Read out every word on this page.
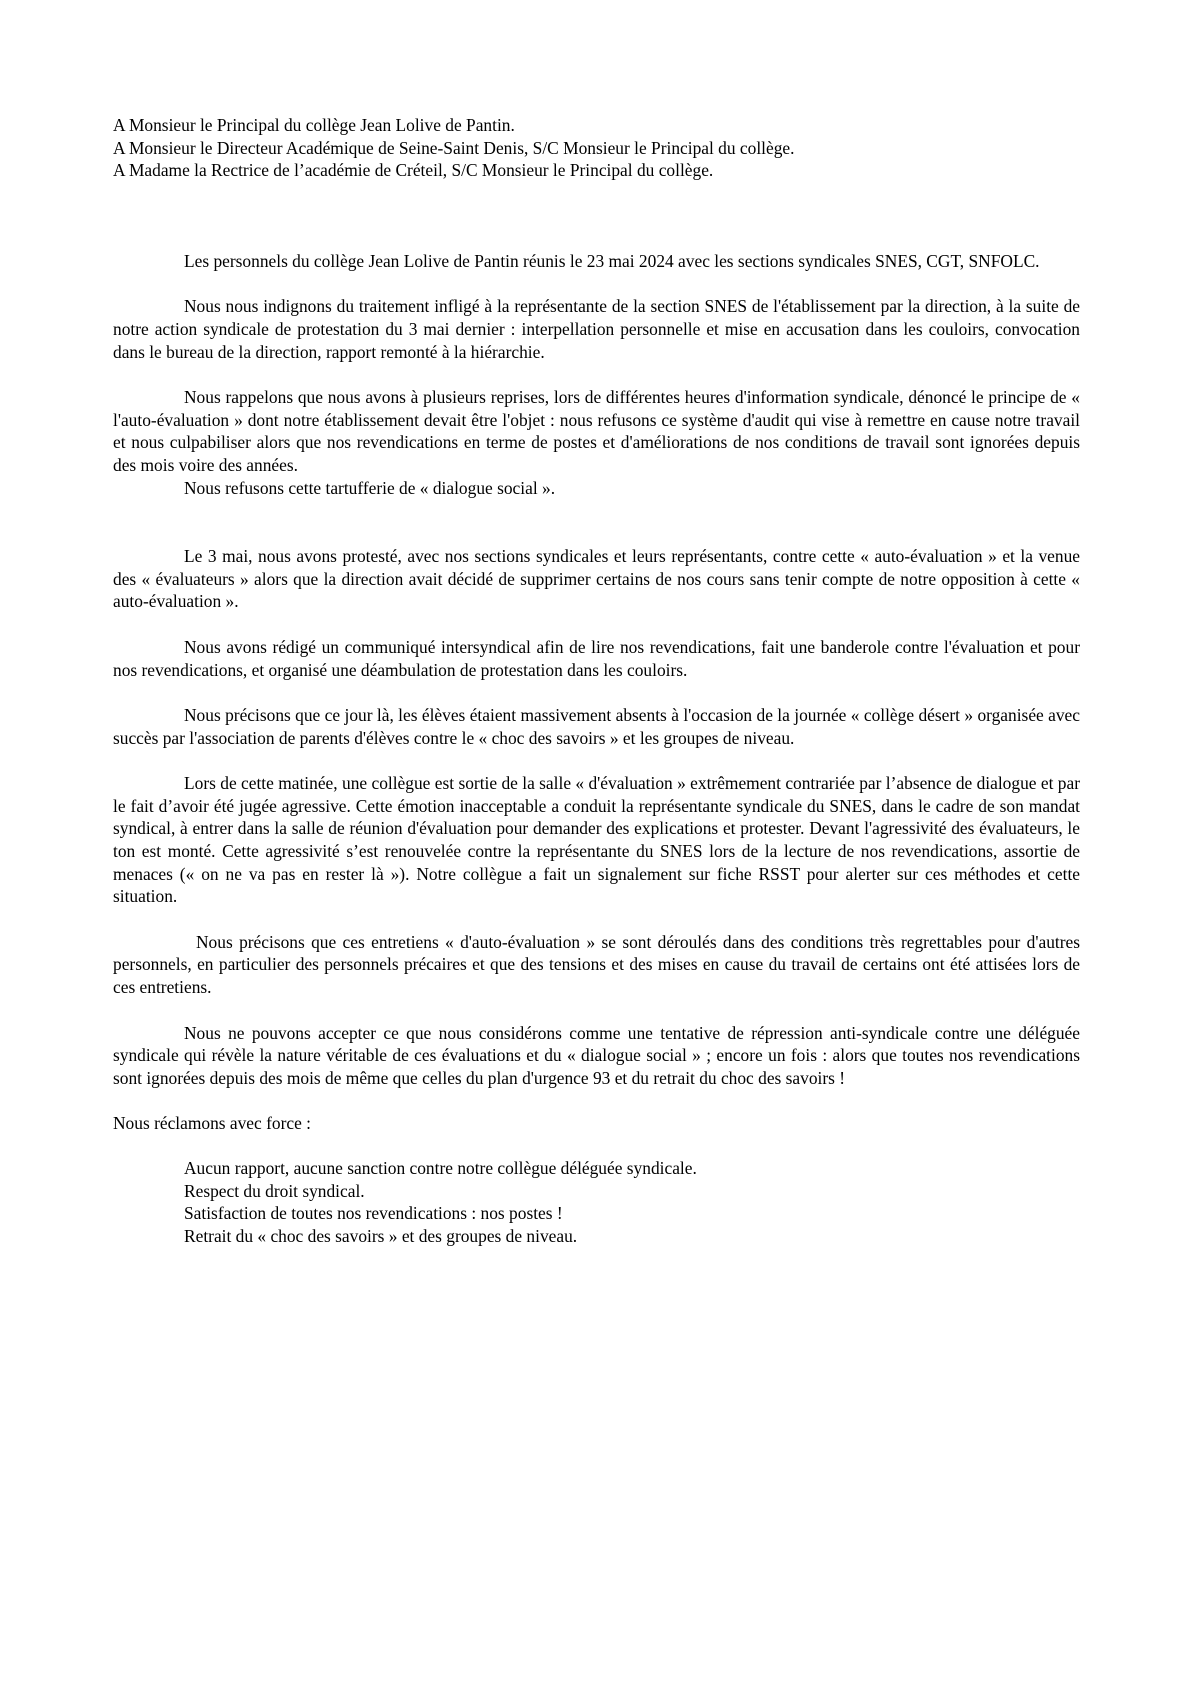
A Monsieur le Principal du collège Jean Lolive de Pantin.
A Monsieur le Directeur Académique de Seine-Saint Denis, S/C Monsieur le Principal du collège.
A Madame la Rectrice de l’académie de Créteil, S/C Monsieur le Principal du collège.

Les personnels du collège Jean Lolive de Pantin réunis le 23 mai 2024 avec les sections syndicales SNES, CGT, SNFOLC.

Nous nous indignons du traitement infligé à la représentante de la section SNES de l'établissement par la direction, à la suite de notre action syndicale de protestation du 3 mai dernier : interpellation personnelle et mise en accusation dans les couloirs, convocation dans le bureau de la direction, rapport remonté à la hiérarchie.

Nous rappelons que nous avons à plusieurs reprises, lors de différentes heures d'information syndicale, dénoncé le principe de « l'auto-évaluation » dont notre établissement devait être l'objet : nous refusons ce système d'audit qui vise à remettre en cause notre travail et nous culpabiliser alors que nos revendications en terme de postes et d'améliorations de nos conditions de travail sont ignorées depuis des mois voire des années.

Nous refusons cette tartufferie de « dialogue social ».

Le 3 mai, nous avons protesté, avec nos sections syndicales et leurs représentants, contre cette « auto-évaluation » et la venue des « évaluateurs » alors que la direction avait décidé de supprimer certains de nos cours sans tenir compte de notre opposition à cette « auto-évaluation ».

Nous avons rédigé un communiqué intersyndical afin de lire nos revendications, fait une banderole contre l'évaluation et pour nos revendications, et organisé une déambulation de protestation dans les couloirs.

Nous précisons que ce jour là, les élèves étaient massivement absents à l'occasion de la journée « collège désert » organisée avec succès par l'association de parents d'élèves contre le « choc des savoirs » et les groupes de niveau.

Lors de cette matinée, une collègue est sortie de la salle « d'évaluation » extrêmement contrariée par l’absence de dialogue et par le fait d’avoir été jugée agressive. Cette émotion inacceptable a conduit la représentante syndicale du SNES, dans le cadre de son mandat syndical, à entrer dans la salle de réunion d'évaluation pour demander des explications et protester. Devant l'agressivité des évaluateurs, le ton est monté. Cette agressivité s’est renouvelée contre la représentante du SNES lors de la lecture de nos revendications, assortie de menaces (« on ne va pas en rester là »). Notre collègue a fait un signalement sur fiche RSST pour alerter sur ces méthodes et cette situation.

Nous précisons que ces entretiens « d'auto-évaluation » se sont déroulés dans des conditions très regrettables pour d'autres personnels, en particulier des personnels précaires et que des tensions et des mises en cause du travail de certains ont été attisées lors de ces entretiens.

Nous ne pouvons accepter ce que nous considérons comme une tentative de répression anti-syndicale contre une déléguée syndicale qui révèle la nature véritable de ces évaluations et du « dialogue social » ; encore un fois : alors que toutes nos revendications sont ignorées depuis des mois de même que celles du plan d'urgence 93 et du retrait du choc des savoirs !

Nous réclamons avec force :

Aucun rapport, aucune sanction contre notre collègue déléguée syndicale.
Respect du droit syndical.
Satisfaction de toutes nos revendications : nos postes !
Retrait du « choc des savoirs » et des groupes de niveau.
